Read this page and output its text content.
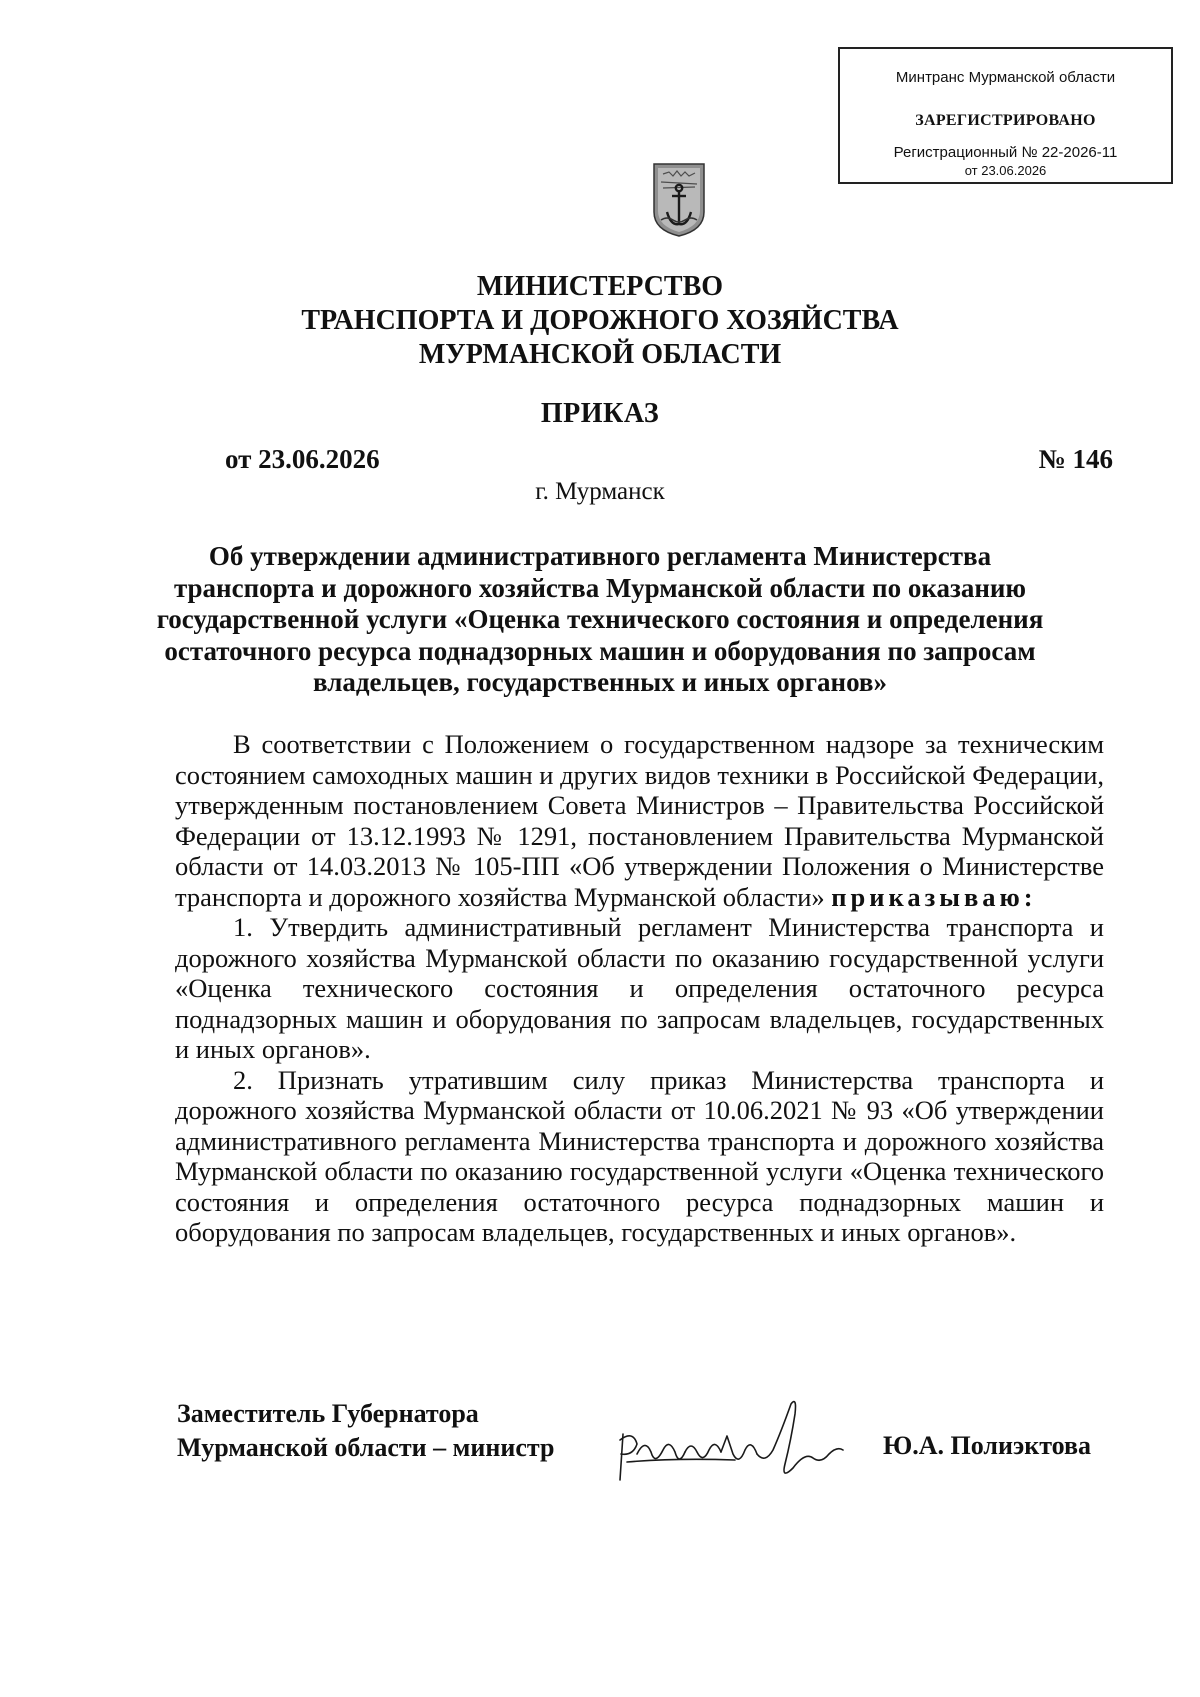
Минтранс Мурманской области
ЗАРЕГИСТРИРОВАНО
Регистрационный № 22-2026-11
от 23.06.2026
МИНИСТЕРСТВО
ТРАНСПОРТА И ДОРОЖНОГО ХОЗЯЙСТВА
МУРМАНСКОЙ ОБЛАСТИ
ПРИКАЗ
от 23.06.2026	№ 146
г. Мурманск
Об утверждении административного регламента Министерства
транспорта и дорожного хозяйства Мурманской области по оказанию
государственной услуги «Оценка технического состояния и определения
остаточного ресурса поднадзорных машин и оборудования по запросам
владельцев, государственных и иных органов»

В соответствии с Положением о государственном надзоре за техническим состоянием самоходных машин и других видов техники в Российской Федерации, утвержденным постановлением Совета Министров – Правительства Российской Федерации от 13.12.1993 № 1291, постановлением Правительства Мурманской области от 14.03.2013 № 105-ПП «Об утверждении Положения о Министерстве транспорта и дорожного хозяйства Мурманской области» приказываю:

1. Утвердить административный регламент Министерства транспорта и дорожного хозяйства Мурманской области по оказанию государственной услуги «Оценка технического состояния и определения остаточного ресурса поднадзорных машин и оборудования по запросам владельцев, государственных и иных органов».

2. Признать утратившим силу приказ Министерства транспорта и дорожного хозяйства Мурманской области от 10.06.2021 № 93 «Об утверждении административного регламента Министерства транспорта и дорожного хозяйства Мурманской области по оказанию государственной услуги «Оценка технического состояния и определения остаточного ресурса поднадзорных машин и оборудования по запросам владельцев, государственных и иных органов».

Заместитель Губернатора
Мурманской области – министр	Ю.А. Полиэктова
